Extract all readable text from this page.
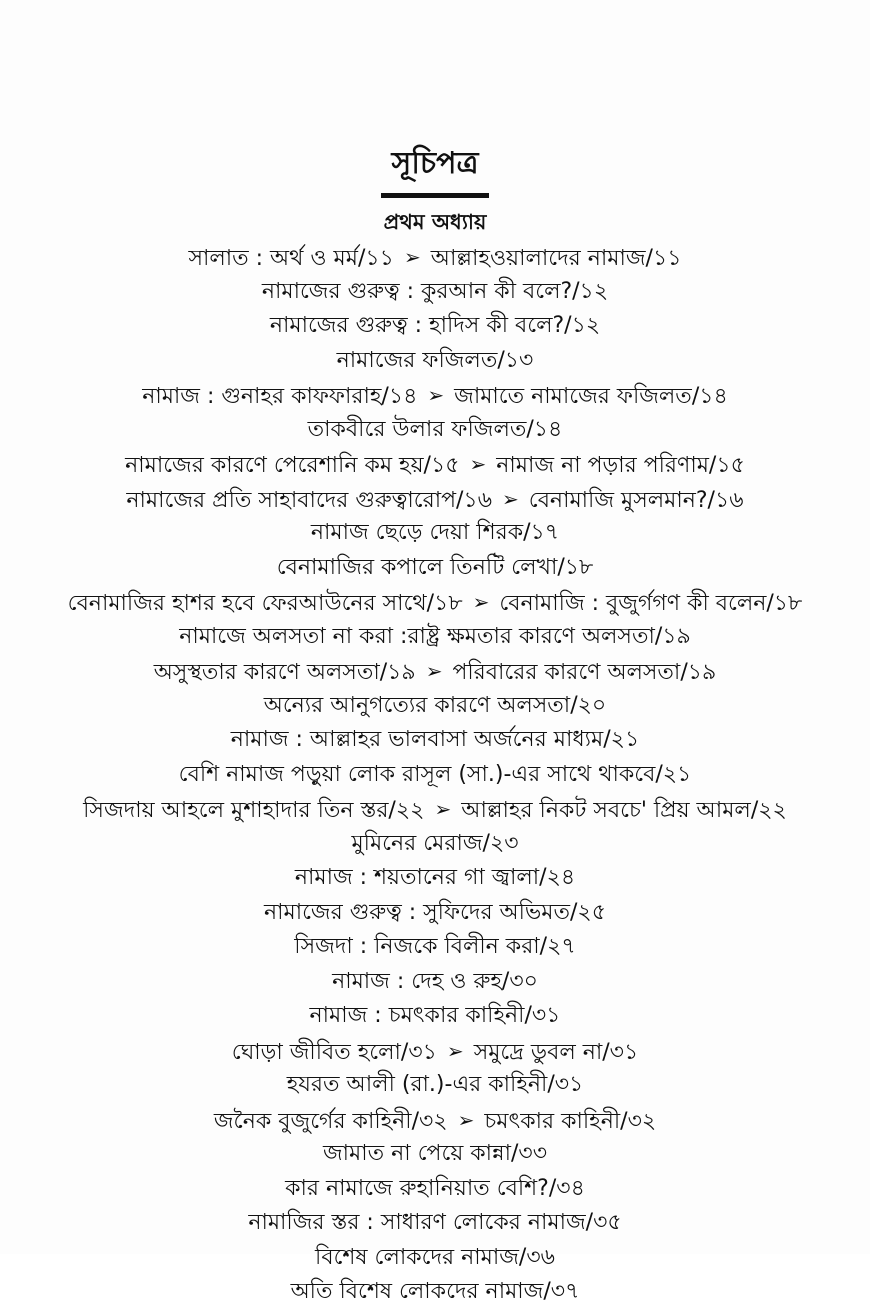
সূচিপত্র
প্রথম অধ্যায়
সালাত : অর্থ ও মর্ম/১১ ➢ আল্লাহওয়ালাদের নামাজ/১১
নামাজের গুরুত্ব : কুরআন কী বলে?/১২
নামাজের গুরুত্ব : হাদিস কী বলে?/১২
নামাজের ফজিলত/১৩
নামাজ : গুনাহর কাফফারাহ/১৪ ➢ জামাতে নামাজের ফজিলত/১৪
তাকবীরে উলার ফজিলত/১৪
নামাজের কারণে পেরেশানি কম হয়/১৫ ➢ নামাজ না পড়ার পরিণাম/১৫
নামাজের প্রতি সাহাবাদের গুরুত্বারোপ/১৬ ➢ বেনামাজি মুসলমান?/১৬
নামাজ ছেড়ে দেয়া শিরক/১৭
বেনামাজির কপালে তিনটি লেখা/১৮
বেনামাজির হাশর হবে ফেরআউনের সাথে/১৮ ➢ বেনামাজি : বুজুর্গগণ কী বলেন/১৮
নামাজে অলসতা না করা :রাষ্ট্র ক্ষমতার কারণে অলসতা/১৯
অসুস্থতার কারণে অলসতা/১৯ ➢ পরিবারের কারণে অলসতা/১৯
অন্যের আনুগত্যের কারণে অলসতা/২০
নামাজ : আল্লাহর ভালবাসা অর্জনের মাধ্যম/২১
বেশি নামাজ পড়ুয়া লোক রাসূল (সা.)-এর সাথে থাকবে/২১
সিজদায় আহলে মুশাহাদার তিন স্তর/২২ ➢ আল্লাহর নিকট সবচে' প্রিয় আমল/২২
মুমিনের মেরাজ/২৩
নামাজ : শয়তানের গা জ্বালা/২৪
নামাজের গুরুত্ব : সুফিদের অভিমত/২৫
সিজদা : নিজকে বিলীন করা/২৭
নামাজ : দেহ ও রুহ/৩০
নামাজ : চমৎকার কাহিনী/৩১
ঘোড়া জীবিত হলো/৩১ ➢ সমুদ্রে ডুবল না/৩১
হযরত আলী (রা.)-এর কাহিনী/৩১
জনৈক বুজুর্গের কাহিনী/৩২ ➢ চমৎকার কাহিনী/৩২
জামাত না পেয়ে কান্না/৩৩
কার নামাজে রুহানিয়াত বেশি?/৩৪
নামাজির স্তর : সাধারণ লোকের নামাজ/৩৫
বিশেষ লোকদের নামাজ/৩৬
অতি বিশেষ লোকদের নামাজ/৩৭
